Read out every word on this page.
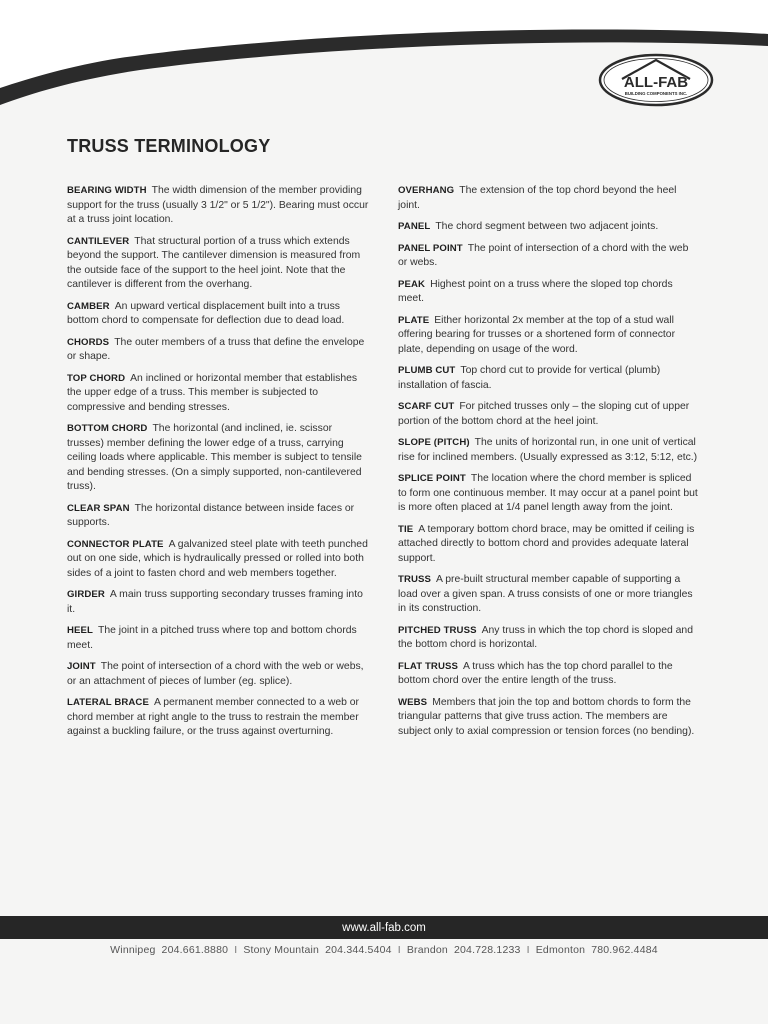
ALL-FAB
BUILDING COMPONENTS INC.
TRUSS TERMINOLOGY

BEARING WIDTH The width dimension of the member providing support for the truss (usually 3 1/2" or 5 1/2"). Bearing must occur at a truss joint location.

CANTILEVER That structural portion of a truss which extends beyond the support. The cantilever dimension is measured from the outside face of the support to the heel joint. Note that the cantilever is different from the overhang.

CAMBER An upward vertical displacement built into a truss bottom chord to compensate for deflection due to dead load.

CHORDS The outer members of a truss that define the envelope or shape.

TOP CHORD An inclined or horizontal member that establishes the upper edge of a truss. This member is subjected to compressive and bending stresses.

BOTTOM CHORD The horizontal (and inclined, ie. scissor trusses) member defining the lower edge of a truss, carrying ceiling loads where applicable. This member is subject to tensile and bending stresses. (On a simply supported, non-cantilevered truss).

CLEAR SPAN The horizontal distance between inside faces or supports.

CONNECTOR PLATE A galvanized steel plate with teeth punched out on one side, which is hydraulically pressed or rolled into both sides of a joint to fasten chord and web members together.

GIRDER A main truss supporting secondary trusses framing into it.

HEEL The joint in a pitched truss where top and bottom chords meet.

JOINT The point of intersection of a chord with the web or webs, or an attachment of pieces of lumber (eg. splice).

LATERAL BRACE A permanent member connected to a web or chord member at right angle to the truss to restrain the member against a buckling failure, or the truss against overturning.

OVERHANG The extension of the top chord beyond the heel joint.

PANEL The chord segment between two adjacent joints.

PANEL POINT The point of intersection of a chord with the web or webs.

PEAK Highest point on a truss where the sloped top chords meet.

PLATE Either horizontal 2x member at the top of a stud wall offering bearing for trusses or a shortened form of connector plate, depending on usage of the word.

PLUMB CUT Top chord cut to provide for vertical (plumb) installation of fascia.

SCARF CUT For pitched trusses only – the sloping cut of upper portion of the bottom chord at the heel joint.

SLOPE (PITCH) The units of horizontal run, in one unit of vertical rise for inclined members. (Usually expressed as 3:12, 5:12, etc.)

SPLICE POINT The location where the chord member is spliced to form one continuous member. It may occur at a panel point but is more often placed at 1/4 panel length away from the joint.

TIE A temporary bottom chord brace, may be omitted if ceiling is attached directly to bottom chord and provides adequate lateral support.

TRUSS A pre-built structural member capable of supporting a load over a given span. A truss consists of one or more triangles in its construction.

PITCHED TRUSS Any truss in which the top chord is sloped and the bottom chord is horizontal.

FLAT TRUSS A truss which has the top chord parallel to the bottom chord over the entire length of the truss.

WEBS Members that join the top and bottom chords to form the triangular patterns that give truss action. The members are subject only to axial compression or tension forces (no bending).

www.all-fab.com
Winnipeg 204.661.8880 I Stony Mountain 204.344.5404 I Brandon 204.728.1233 I Edmonton 780.962.4484
